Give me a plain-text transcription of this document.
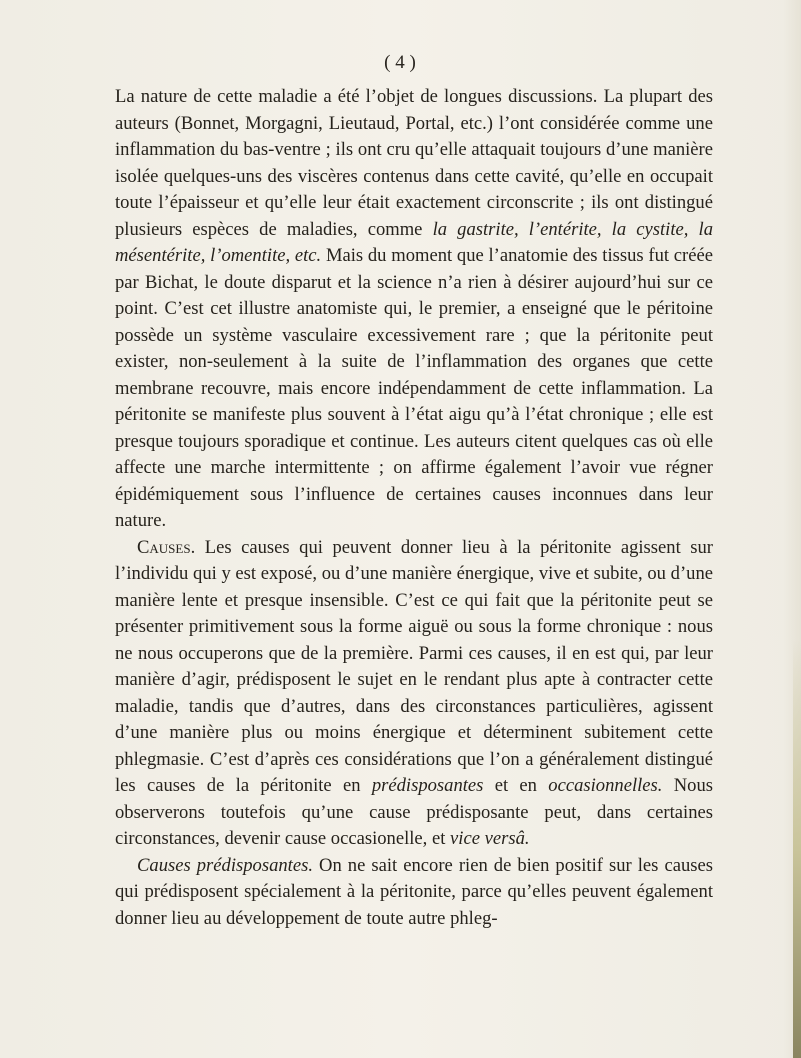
( 4 )

La nature de cette maladie a été l’objet de longues discussions. La plupart des auteurs (Bonnet, Morgagni, Lieutaud, Portal, etc.) l’ont considérée comme une inflammation du bas-ventre ; ils ont cru qu’elle attaquait toujours d’une manière isolée quelques-uns des viscères contenus dans cette cavité, qu’elle en occupait toute l’épaisseur et qu’elle leur était exactement circonscrite ; ils ont distingué plusieurs espèces de maladies, comme la gastrite, l’entérite, la cystite, la mésentérite, l’omentite, etc. Mais du moment que l’anatomie des tissus fut créée par Bichat, le doute disparut et la science n’a rien à désirer aujourd’hui sur ce point. C’est cet illustre anatomiste qui, le premier, a enseigné que le péritoine possède un système vasculaire excessivement rare ; que la péritonite peut exister, non-seulement à la suite de l’inflammation des organes que cette membrane recouvre, mais encore indépendamment de cette inflammation. La péritonite se manifeste plus souvent à l’état aigu qu’à l’état chronique ; elle est presque toujours sporadique et continue. Les auteurs citent quelques cas où elle affecte une marche intermittente ; on affirme également l’avoir vue régner épidémiquement sous l’influence de certaines causes inconnues dans leur nature.

Causes. Les causes qui peuvent donner lieu à la péritonite agissent sur l’individu qui y est exposé, ou d’une manière énergique, vive et subite, ou d’une manière lente et presque insensible. C’est ce qui fait que la péritonite peut se présenter primitivement sous la forme aiguë ou sous la forme chronique : nous ne nous occuperons que de la première. Parmi ces causes, il en est qui, par leur manière d’agir, prédisposent le sujet en le rendant plus apte à contracter cette maladie, tandis que d’autres, dans des circonstances particulières, agissent d’une manière plus ou moins énergique et déterminent subitement cette phlegmasie. C’est d’après ces considérations que l’on a généralement distingué les causes de la péritonite en prédisposantes et en occasionnelles. Nous observerons toutefois qu’une cause prédisposante peut, dans certaines circonstances, devenir cause occasionelle, et vice versâ.

Causes prédisposantes. On ne sait encore rien de bien positif sur les causes qui prédisposent spécialement à la péritonite, parce qu’elles peuvent également donner lieu au développement de toute autre phleg-
